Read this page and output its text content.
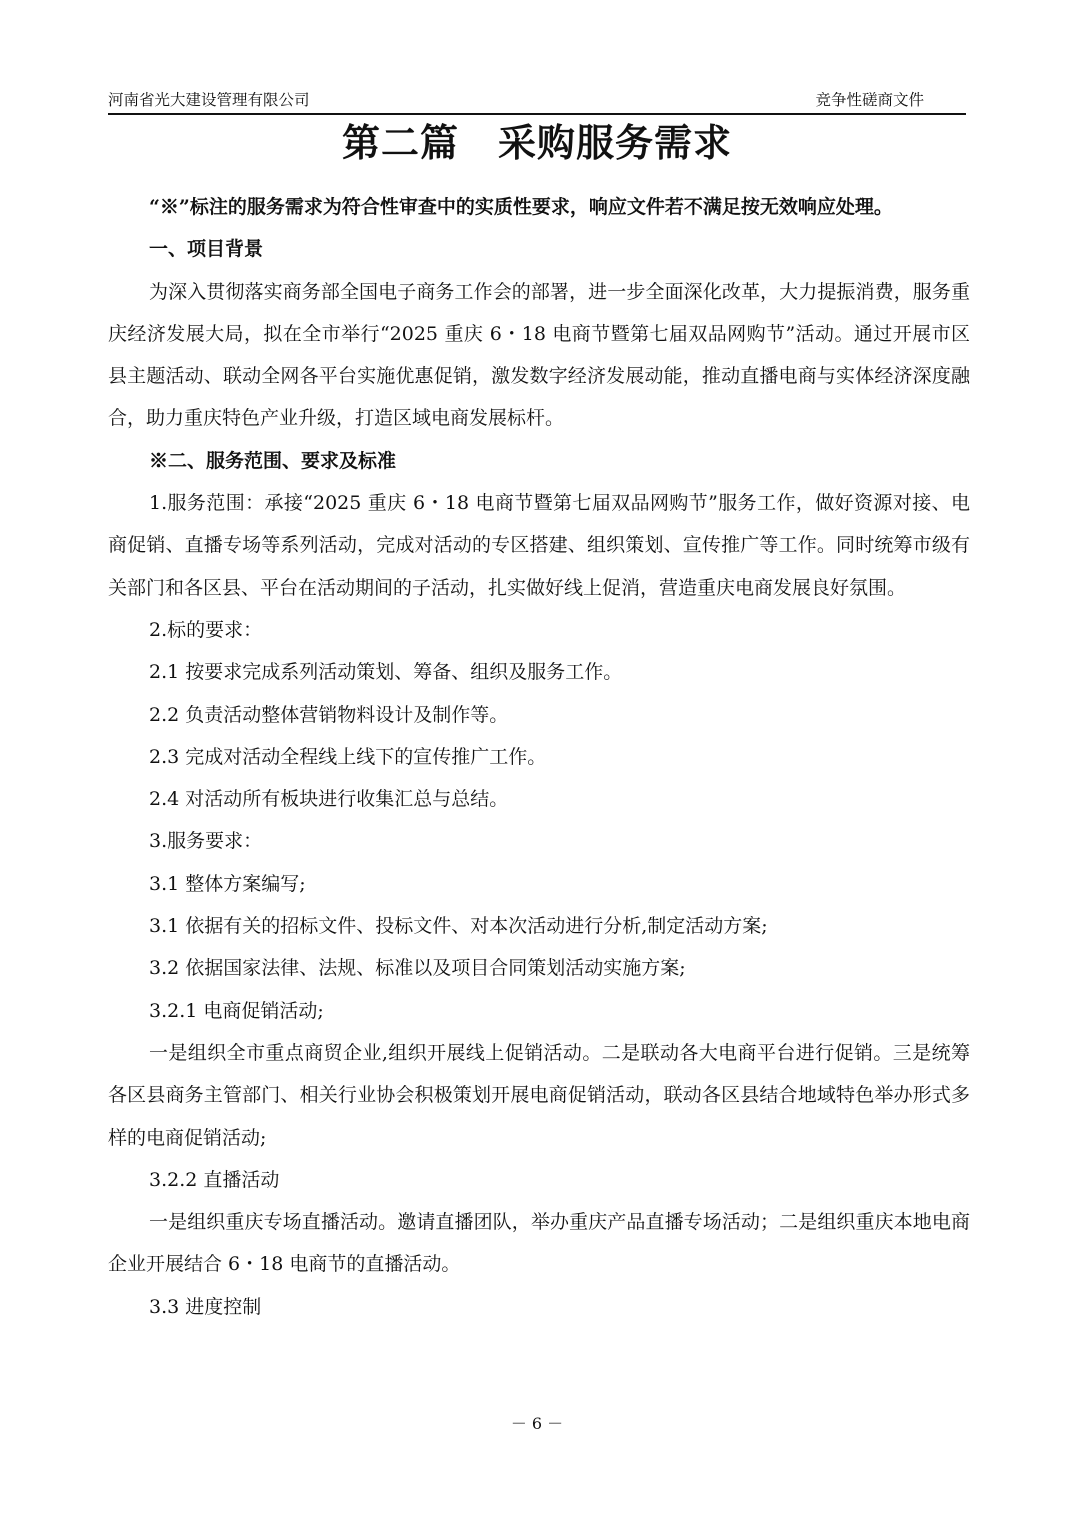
河南省光大建设管理有限公司	竞争性磋商文件
第二篇　采购服务需求

“※”标注的服务需求为符合性审查中的实质性要求，响应文件若不满足按无效响应处理。

一、项目背景

为深入贯彻落实商务部全国电子商务工作会的部署，进一步全面深化改革，大力提振消费，服务重庆经济发展大局，拟在全市举行“2025 重庆 6・18 电商节暨第七届双品网购节”活动。通过开展市区县主题活动、联动全网各平台实施优惠促销，激发数字经济发展动能，推动直播电商与实体经济深度融合，助力重庆特色产业升级，打造区域电商发展标杆。

※二、服务范围、要求及标准

1.服务范围：承接“2025 重庆 6・18 电商节暨第七届双品网购节”服务工作，做好资源对接、电商促销、直播专场等系列活动，完成对活动的专区搭建、组织策划、宣传推广等工作。同时统筹市级有关部门和各区县、平台在活动期间的子活动，扎实做好线上促消，营造重庆电商发展良好氛围。

2.标的要求：

2.1 按要求完成系列活动策划、筹备、组织及服务工作。

2.2 负责活动整体营销物料设计及制作等。

2.3 完成对活动全程线上线下的宣传推广工作。

2.4 对活动所有板块进行收集汇总与总结。

3.服务要求：

3.1 整体方案编写;

3.1 依据有关的招标文件、投标文件、对本次活动进行分析,制定活动方案;

3.2 依据国家法律、法规、标准以及项目合同策划活动实施方案;

3.2.1 电商促销活动;

一是组织全市重点商贸企业,组织开展线上促销活动。二是联动各大电商平台进行促销。三是统筹各区县商务主管部门、相关行业协会积极策划开展电商促销活动，联动各区县结合地域特色举办形式多样的电商促销活动;

3.2.2 直播活动

一是组织重庆专场直播活动。邀请直播团队，举办重庆产品直播专场活动；二是组织重庆本地电商企业开展结合 6・18 电商节的直播活动。

3.3 进度控制

－ 6 －
